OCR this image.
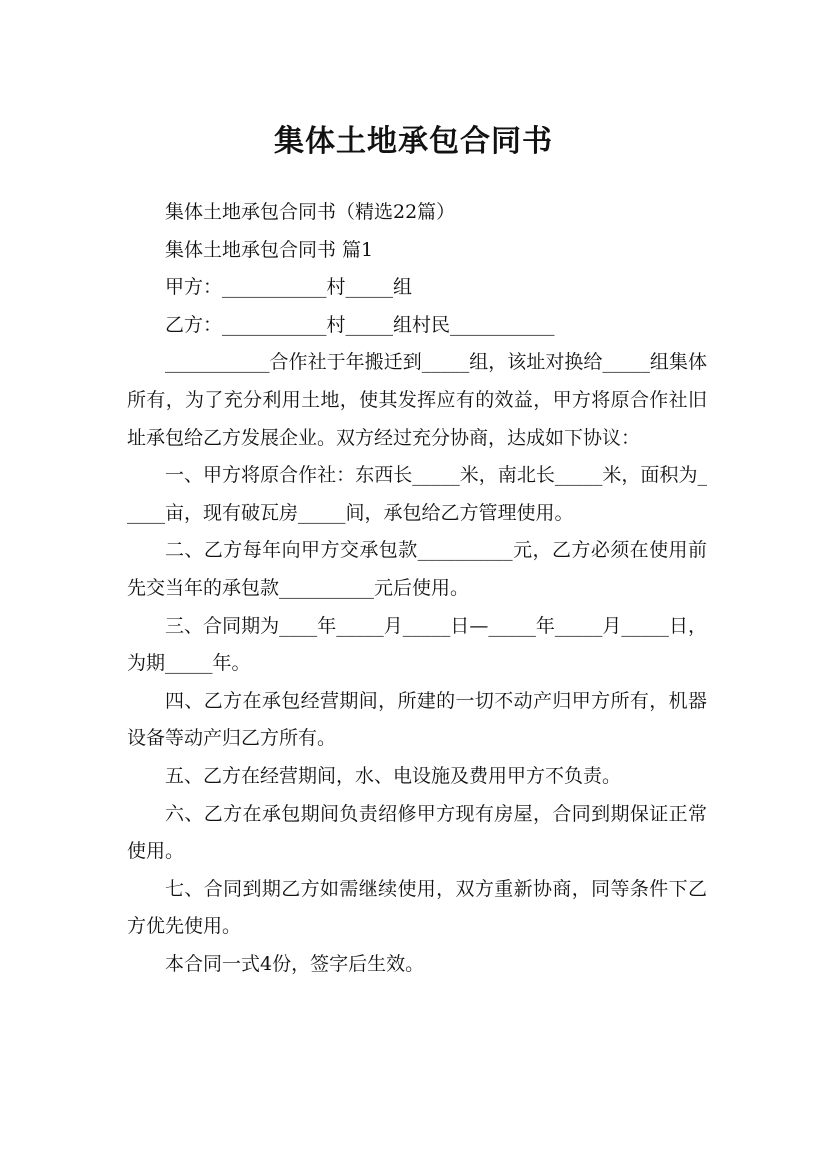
集体土地承包合同书

集体土地承包合同书（精选22篇）

集体土地承包合同书 篇1

甲方：___________村_____组

乙方：___________村_____组村民___________

___________合作社于年搬迁到_____组，该址对换给_____组集体所有，为了充分利用土地，使其发挥应有的效益，甲方将原合作社旧址承包给乙方发展企业。双方经过充分协商，达成如下协议：

一、甲方将原合作社：东西长_____米，南北长_____米，面积为_____亩，现有破瓦房_____间，承包给乙方管理使用。

二、乙方每年向甲方交承包款__________元，乙方必须在使用前先交当年的承包款__________元后使用。

三、合同期为____年_____月_____日—_____年_____月_____日，为期_____年。

四、乙方在承包经营期间，所建的一切不动产归甲方所有，机器设备等动产归乙方所有。

五、乙方在经营期间，水、电设施及费用甲方不负责。

六、乙方在承包期间负责绍修甲方现有房屋，合同到期保证正常使用。

七、合同到期乙方如需继续使用，双方重新协商，同等条件下乙方优先使用。

本合同一式4份，签字后生效。
